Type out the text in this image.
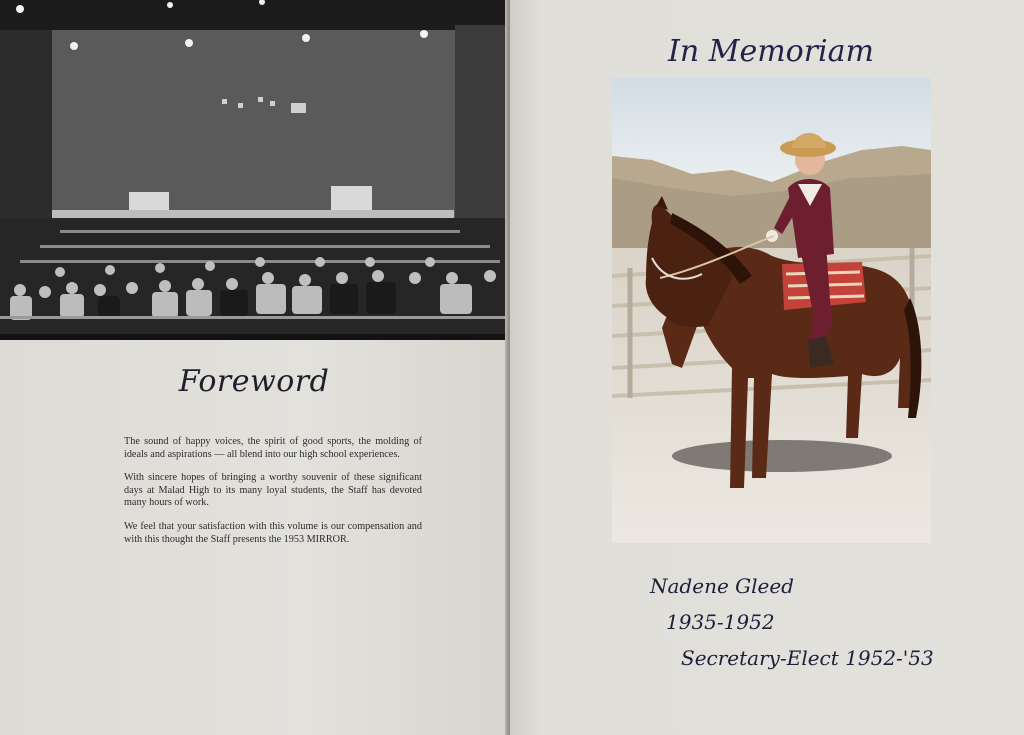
Foreword

The sound of happy voices, the spirit of good sports, the molding of ideals and aspirations — all blend into our high school experiences.

With sincere hopes of bringing a worthy souvenir of these significant days at Malad High to its many loyal students, the Staff has devoted many hours of work.

We feel that your satisfaction with this volume is our compensation and with this thought the Staff presents the 1953 MIRROR.

In Memoriam
Nadene Gleed
1935-1952
Secretary-Elect 1952-'53
